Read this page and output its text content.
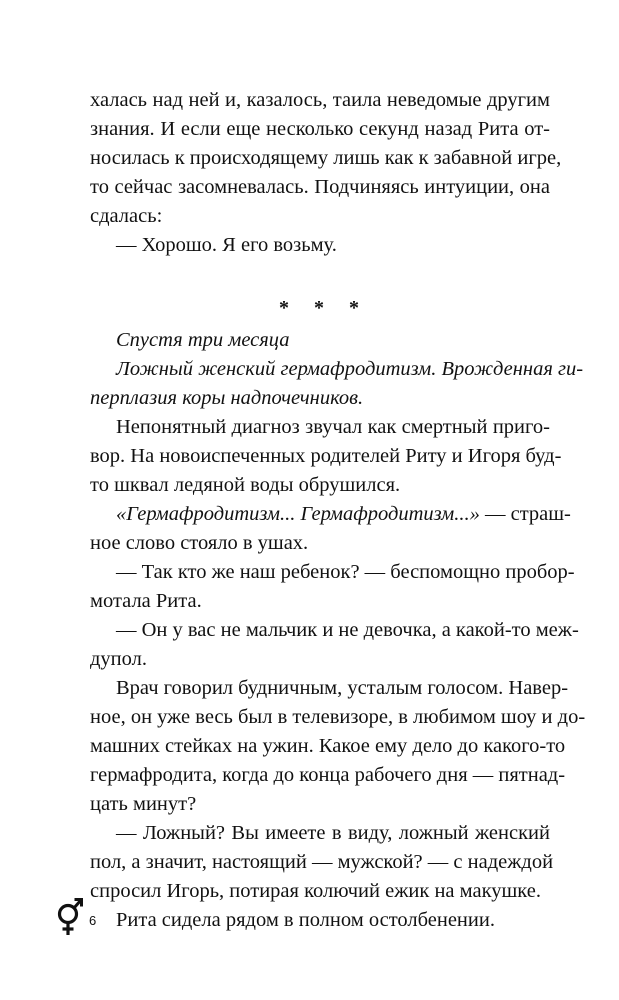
халась над ней и, казалось, таила неведомые другим
знания. И если еще несколько секунд назад Рита от-
носилась к происходящему лишь как к забавной игре,
то сейчас засомневалась. Подчиняясь интуиции, она
сдалась:
— Хорошо. Я его возьму.
* * *
Спустя три месяца
Ложный женский гермафродитизм. Врожденная ги-
перплазия коры надпочечников.
Непонятный диагноз звучал как смертный приго-
вор. На новоиспеченных родителей Риту и Игоря буд-
то шквал ледяной воды обрушился.
«Гермафродитизм... Гермафродитизм...» — страш-
ное слово стояло в ушах.
— Так кто же наш ребенок? — беспомощно пробор-
мотала Рита.
— Он у вас не мальчик и не девочка, а какой-то меж-
дупол.
Врач говорил будничным, усталым голосом. Навер-
ное, он уже весь был в телевизоре, в любимом шоу и до-
машних стейках на ужин. Какое ему дело до какого-то
гермафродита, когда до конца рабочего дня — пятнад-
цать минут?
— Ложный? Вы имеете в виду, ложный женский
пол, а значит, настоящий — мужской? — с надеждой
спросил Игорь, потирая колючий ежик на макушке.
Рита сидела рядом в полном остолбенении.
6
